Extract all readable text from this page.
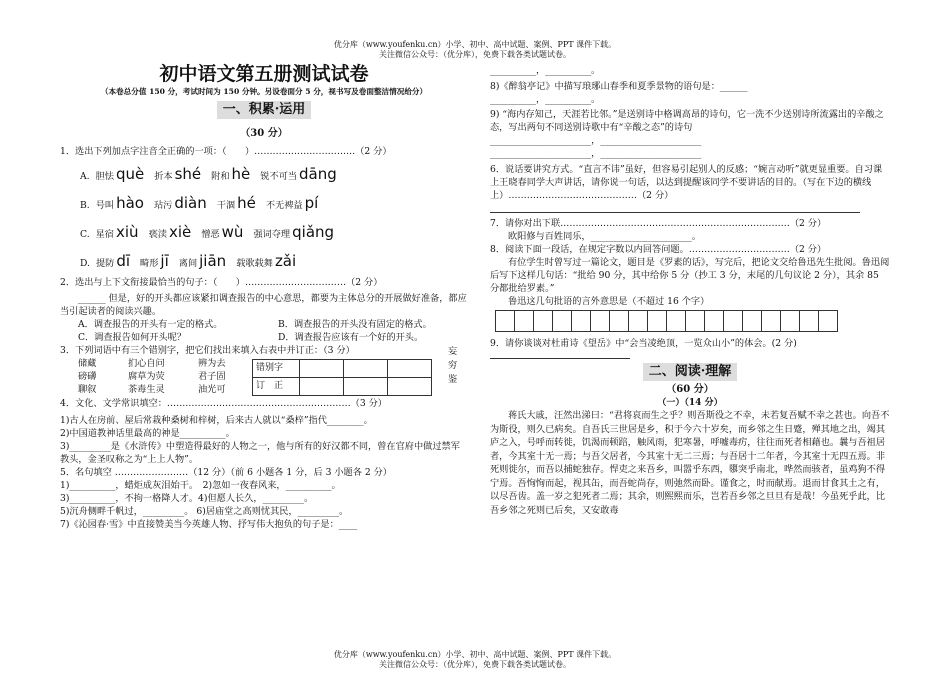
优分库（www.youfenku.cn）小学、初中、高中试题、案例、PPT 课件下载。
关注微信公众号：（优分库），免费下载各类试题试卷。

初中语文第五册测试试卷

（本卷总分值 150 分，考试时间为 150 分钟。另设卷面分 5 分，视书写及卷面整洁情况给分）

一、积累·运用

（30 分）

1．选出下列加点字注音全正确的一项：（　　）……………………………（2 分）

A. 胆怯 què 折本 shé 附和 hè 锐不可当 dāng
B. 号叫 hào 玷污 diàn 干涸 hé 不无裨益 pí
C. 星宿 xiù 亵渎 xiè 憎恶 wù 强词夺理 qiǎng
D. 提防 dī 畸形 jī 离间 jiān 载歌载舞 zǎi

2．选出与上下文衔接最恰当的句子：（　　）……………………………（2 分）

______ 但是，好的开头都应该紧扣调查报告的中心意思，都要为主体总分的开展做好准备，都应当引起读者的阅读兴趣。

A．调查报告的开头有一定的格式。	B．调查报告的开头没有固定的格式。
C．调查报告如何开头呢？	D．调查报告应该有一个好的开头。

3．下列词语中有三个错别字，把它们找出来填入右表中并订正：（3 分）

储藏	扪心自问	辨为去
磅礴	腐草为荧	君子固
聊叙	茶毒生灵	油光可
错别字			
订　正			
妄
穷
鉴

4．文化、文学常识填空：……………………………………………………（3 分）

1)古人在房前、屋后常栽种桑树和梓树，后来古人就以“桑梓”指代________。

2)中国道教神话里最高的神是__________。

3)_________是《水浒传》中塑造得最好的人物之一，他与所有的好汉都不同，曾在官府中做过禁军教头，金圣叹称之为“上上人物”。

5．名句填空 ……………………（12 分）（前 6 小题各 1 分，后 3 小题各 2 分）

1)__________，蜡炬成灰泪始干。　2)忽如一夜春风来，__________。

3)__________，不拘一格降人才。4)但愿人长久，_________。

5)沉舟侧畔千帆过，_________。 6)居庙堂之高则忧其民，_________。

7)《沁园春·雪》中直接赞美当今英雄人物、抒写伟大抱负的句子是：____

__________，__________。

8)《醉翁亭记》中描写琅琊山春季和夏季景物的语句是：______

__________，__________。

9) “海内存知己，天涯若比邻。”是送别诗中格调高昂的诗句，它一洗不少送别诗所流露出的辛酸之态，写出两句不同送别诗歌中有“辛酸之态”的诗句

______________________，______________________

______________________，______________________

6．说话要讲究方式。“直言不讳”虽好，但容易引起别人的反感；“婉言动听”就更显重要。自习课上王晓春同学大声讲话，请你说一句话，以达到提醒该同学不要讲话的目的。（写在下边的横线上）……………………………………（2 分）

7．请你对出下联…………………………………………………………………（2 分）

欧阳修与百姓同乐，______________________。

8．阅读下面一段话，在规定字数以内回答问题。……………………………（2 分）

有位学生时曾写过一篇论文，题目是《罗素的话》，写完后，把论文交给鲁迅先生批阅。鲁迅阅后写下这样几句话：“批给 90 分，其中给你 5 分（抄工 3 分，末尾的几句议论 2 分），其余 85 分都批给罗素。”

鲁迅这几句批语的言外意思是（不超过 16 个字）

9．请你谈谈对杜甫诗《望岳》中“会当凌绝顶，一览众山小”的体会。(2 分)

二、阅读·理解

（60 分）

（一）（14 分）

蒋氏大戚，汪然出涕曰：“君将哀而生之乎？则吾斯役之不幸，未若复吾赋不幸之甚也。向吾不为斯役，则久已病矣。自吾氏三世居是乡，积于今六十岁矣，而乡邻之生日蹙，殚其地之出，竭其庐之入，号呼而转徙，饥渴而顿踣，触风雨，犯寒暑，呼嘘毒疠，往往而死者相藉也。曩与吾祖居者，今其室十无一焉；与吾父居者，今其室十无二三焉；与吾居十二年者，今其室十无四五焉。非死则徙尔，而吾以捕蛇独存。悍吏之来吾乡，叫嚣乎东西，隳突乎南北，哗然而骇者，虽鸡狗不得宁焉。吾恂恂而起，视其缶，而吾蛇尚存，则弛然而卧。谨食之，时而献焉。退而甘食其土之有，以尽吾齿。盖一岁之犯死者二焉；其余，则熙熙而乐，岂若吾乡邻之旦旦有是哉！今虽死乎此，比吾乡邻之死则已后矣，又安敢毒

优分库（www.youfenku.cn）小学、初中、高中试题、案例、PPT 课件下载。
关注微信公众号：（优分库），免费下载各类试题试卷。
